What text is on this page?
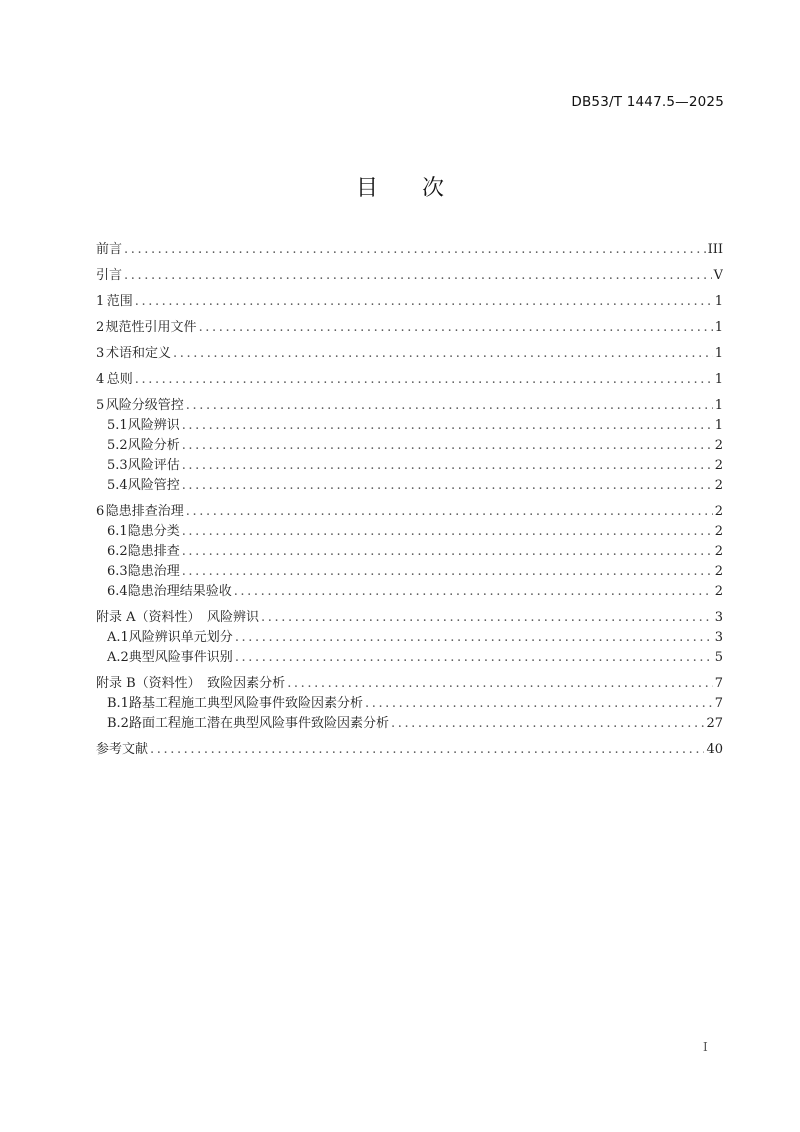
DB53/T 1447.5—2025
目 次
前言 .....	III
引言 .....	V
1 范围 .....	1
2 规范性引用文件 .....	1
3 术语和定义 .....	1
4 总则 .....	1
5 风险分级管控 .....	1
5.1 风险辨识 .....	1
5.2 风险分析 .....	2
5.3 风险评估 .....	2
5.4 风险管控 .....	2
6 隐患排查治理 .....	2
6.1 隐患分类 .....	2
6.2 隐患排查 .....	2
6.3 隐患治理 .....	2
6.4 隐患治理结果验收 .....	2
附录 A（资料性）　风险辨识 .....	3
A.1 风险辨识单元划分 .....	3
A.2 典型风险事件识别 .....	5
附录 B（资料性）　致险因素分析 .....	7
B.1 路基工程施工典型风险事件致险因素分析 .....	7
B.2 路面工程施工潜在典型风险事件致险因素分析 .....	27
参考文献 .....	40
I
